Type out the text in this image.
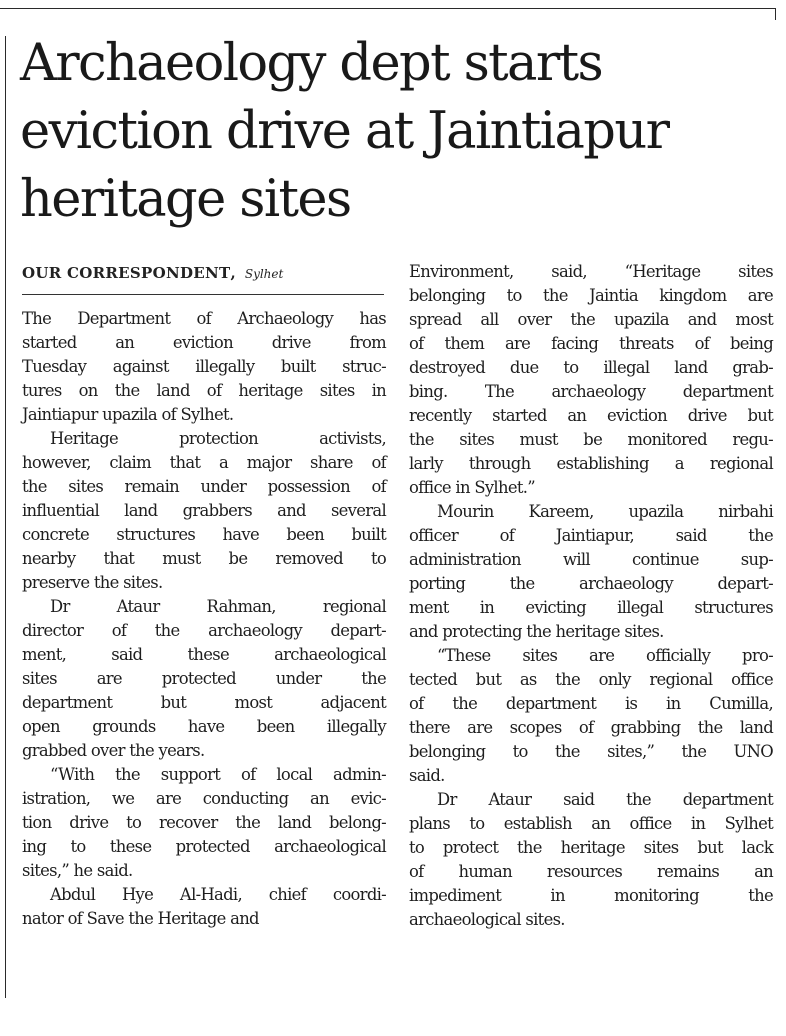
Archaeology dept starts
eviction drive at Jaintiapur
heritage sites
OUR CORRESPONDENT, Sylhet
The Department of Archaeology has
started an eviction drive from
Tuesday against illegally built struc-
tures on the land of heritage sites in
Jaintiapur upazila of Sylhet.
Heritage protection activists,
however, claim that a major share of
the sites remain under possession of
influential land grabbers and several
concrete structures have been built
nearby that must be removed to
preserve the sites.
Dr Ataur Rahman, regional
director of the archaeology depart-
ment, said these archaeological
sites are protected under the
department but most adjacent
open grounds have been illegally
grabbed over the years.
“With the support of local admin-
istration, we are conducting an evic-
tion drive to recover the land belong-
ing to these protected archaeological
sites,” he said.
Abdul Hye Al-Hadi, chief coordi-
nator of Save the Heritage and
Environment, said, “Heritage sites
belonging to the Jaintia kingdom are
spread all over the upazila and most
of them are facing threats of being
destroyed due to illegal land grab-
bing. The archaeology department
recently started an eviction drive but
the sites must be monitored regu-
larly through establishing a regional
office in Sylhet.”
Mourin Kareem, upazila nirbahi
officer of Jaintiapur, said the
administration will continue sup-
porting the archaeology depart-
ment in evicting illegal structures
and protecting the heritage sites.
“These sites are officially pro-
tected but as the only regional office
of the department is in Cumilla,
there are scopes of grabbing the land
belonging to the sites,” the UNO
said.
Dr Ataur said the department
plans to establish an office in Sylhet
to protect the heritage sites but lack
of human resources remains an
impediment in monitoring the
archaeological sites.
